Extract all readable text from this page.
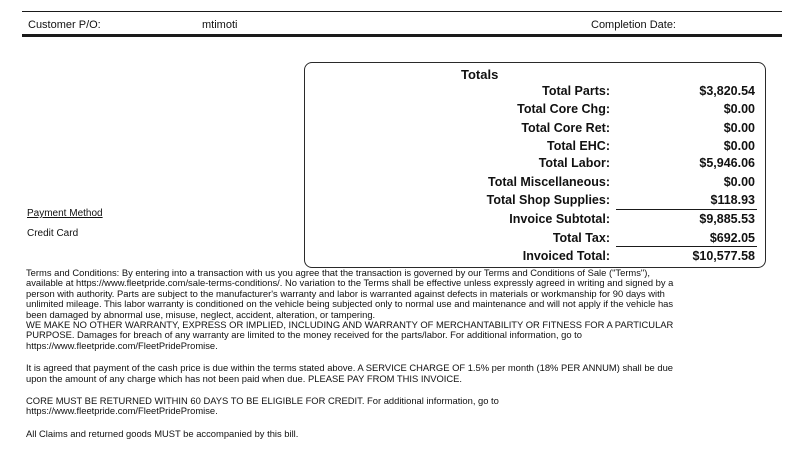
Customer P/O:	mtimoti	Completion Date:
Totals
Total Parts:	$3,820.54
Total Core Chg:	$0.00
Total Core Ret:	$0.00
Total EHC:	$0.00
Total Labor:	$5,946.06
Total Miscellaneous:	$0.00
Total Shop Supplies:	$118.93
Invoice Subtotal:	$9,885.53
Total Tax:	$692.05
Invoiced Total:	$10,577.58
Payment Method
Credit Card

Terms and Conditions: By entering into a transaction with us you agree that the transaction is governed by our Terms and Conditions of Sale ("Terms"),

available at https://www.fleetpride.com/sale-terms-conditions/. No variation to the Terms shall be effective unless expressly agreed in writing and signed by a

person with authority. Parts are subject to the manufacturer's warranty and labor is warranted against defects in materials or workmanship for 90 days with

unlimited mileage. This labor warranty is conditioned on the vehicle being subjected only to normal use and maintenance and will not apply if the vehicle has

been damaged by abnormal use, misuse, neglect, accident, alteration, or tampering.

WE MAKE NO OTHER WARRANTY, EXPRESS OR IMPLIED, INCLUDING AND WARRANTY OF MERCHANTABILITY OR FITNESS FOR A PARTICULAR

PURPOSE. Damages for breach of any warranty are limited to the money received for the parts/labor. For additional information, go to

https://www.fleetpride.com/FleetPridePromise.

It is agreed that payment of the cash price is due within the terms stated above. A SERVICE CHARGE OF 1.5% per month (18% PER ANNUM) shall be due

upon the amount of any charge which has not been paid when due. PLEASE PAY FROM THIS INVOICE.

CORE MUST BE RETURNED WITHIN 60 DAYS TO BE ELIGIBLE FOR CREDIT. For additional information, go to

https://www.fleetpride.com/FleetPridePromise.

All Claims and returned goods MUST be accompanied by this bill.
